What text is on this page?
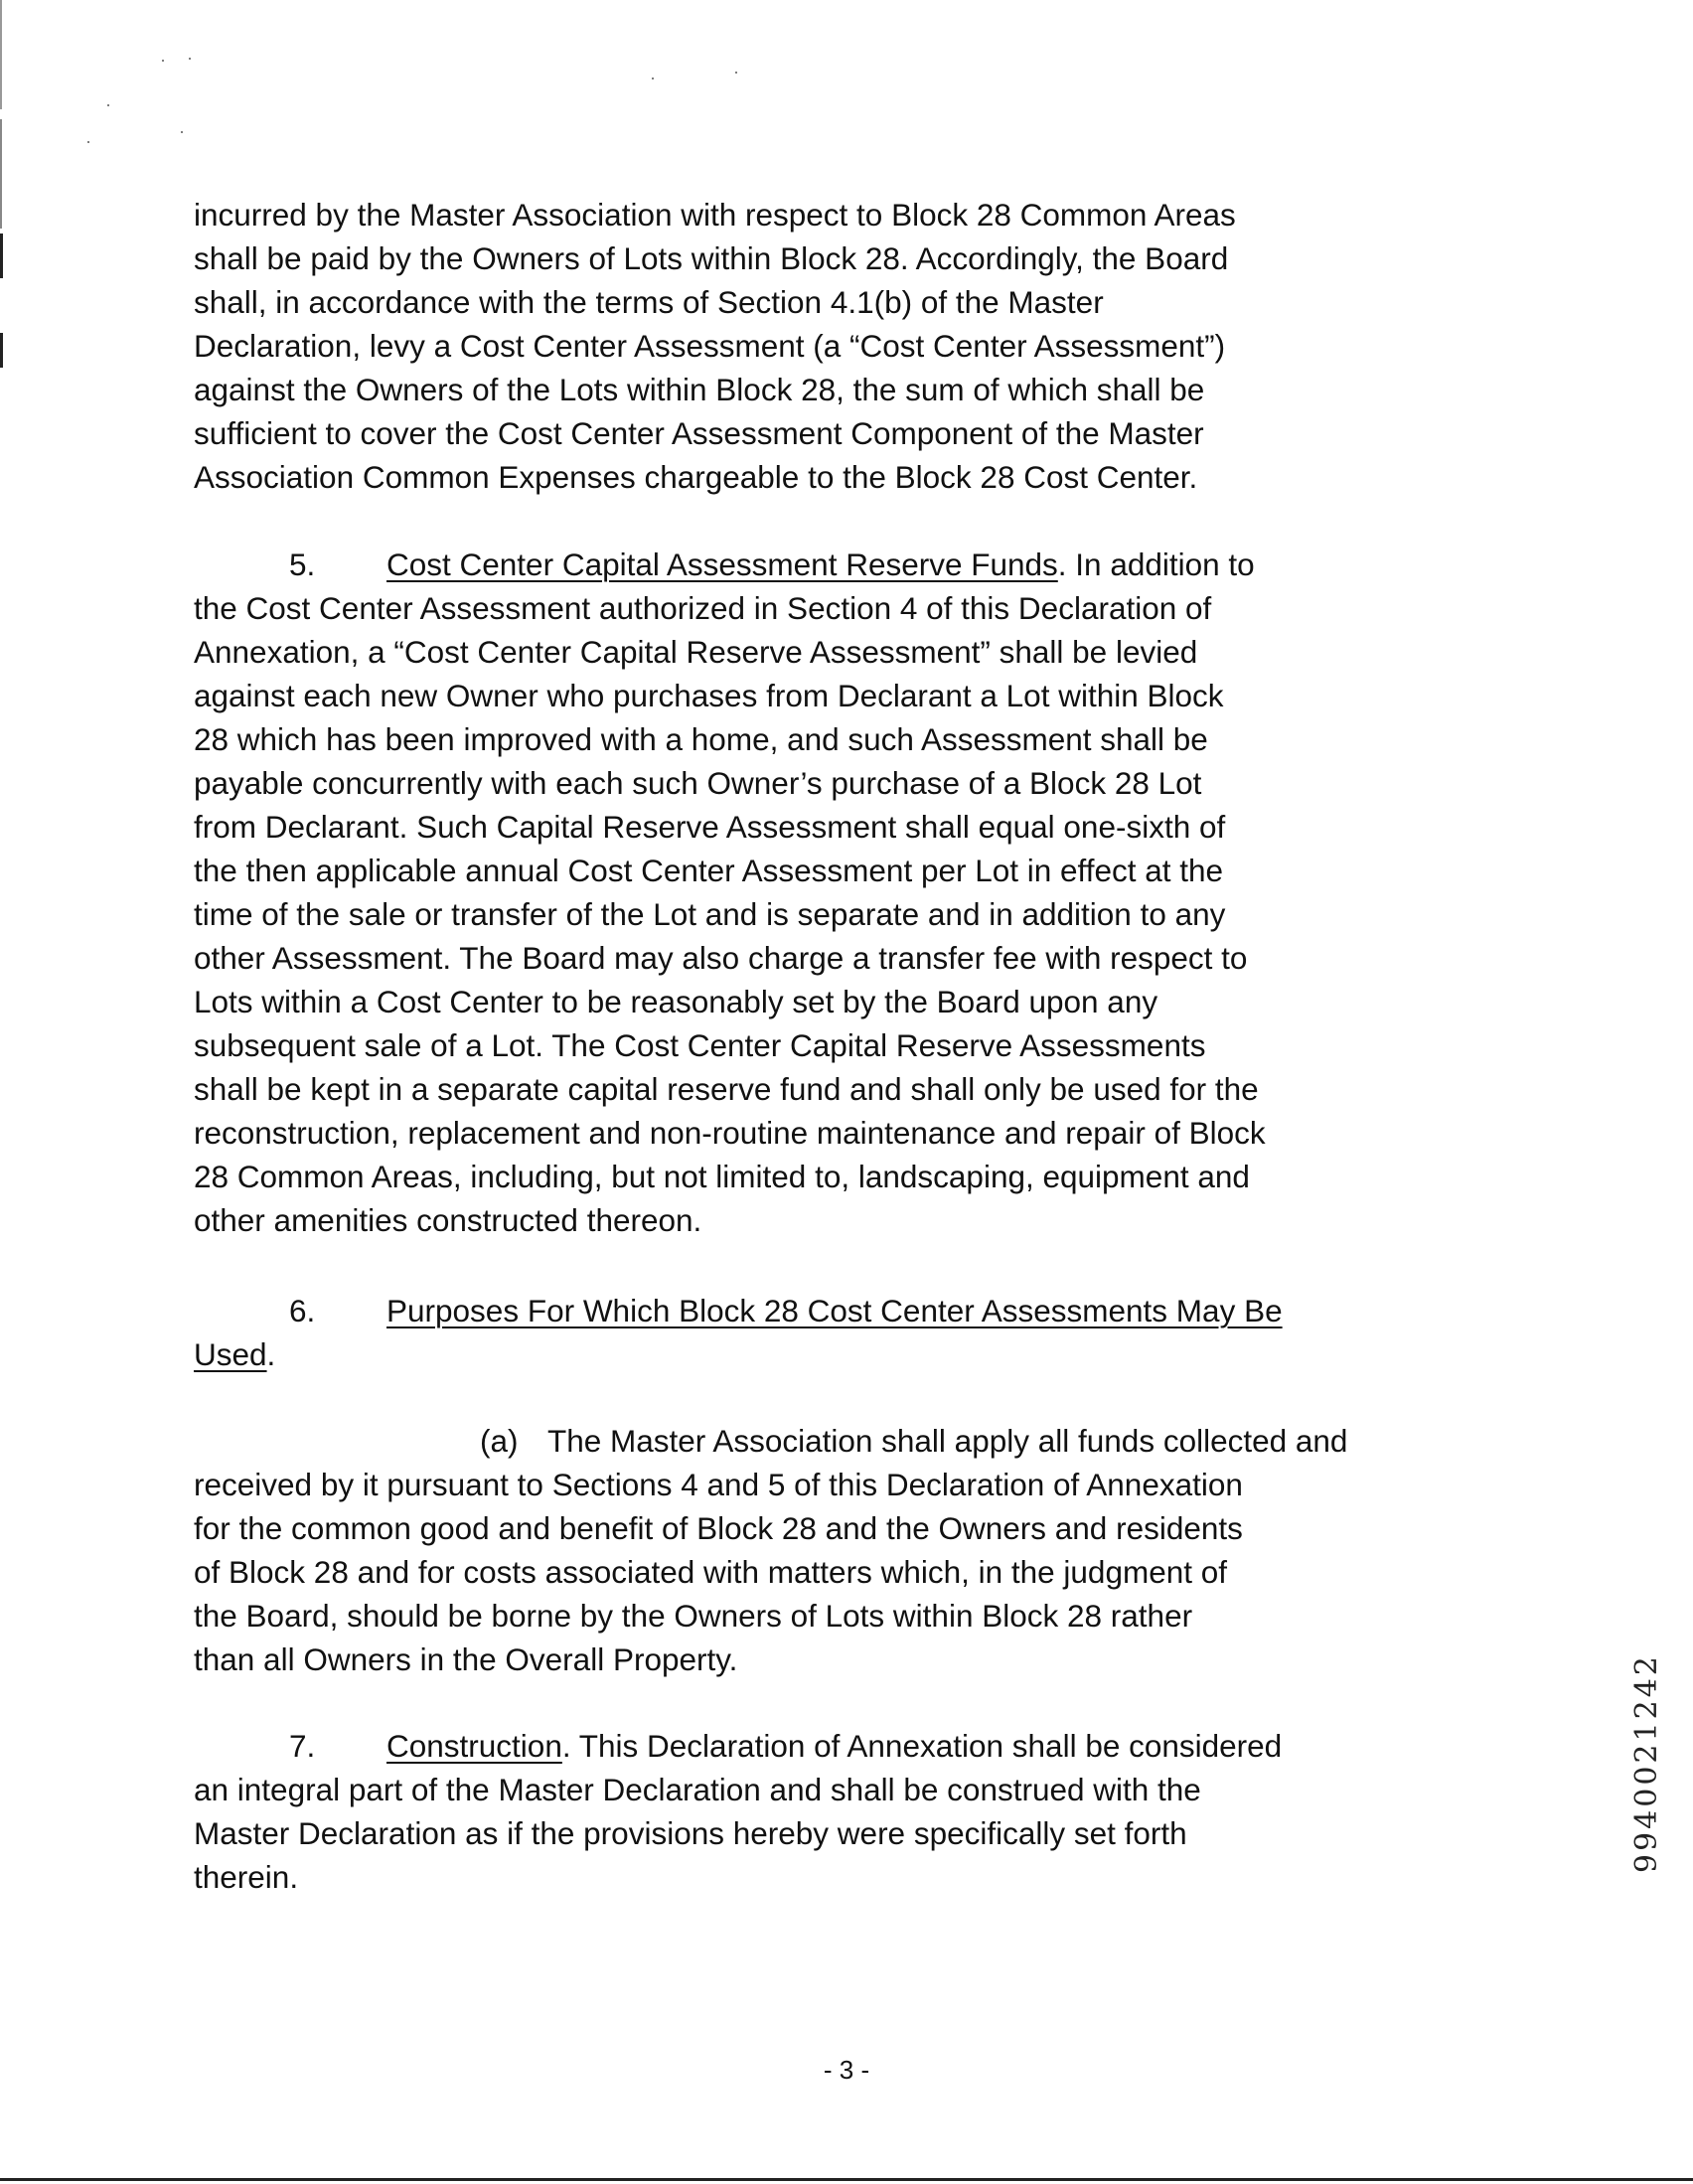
incurred by the Master Association with respect to Block 28 Common Areas
shall be paid by the Owners of Lots within Block 28. Accordingly, the Board
shall, in accordance with the terms of Section 4.1(b) of the Master
Declaration, levy a Cost Center Assessment (a “Cost Center Assessment”)
against the Owners of the Lots within Block 28, the sum of which shall be
sufficient to cover the Cost Center Assessment Component of the Master
Association Common Expenses chargeable to the Block 28 Cost Center.
5. Cost Center Capital Assessment Reserve Funds. In addition to
the Cost Center Assessment authorized in Section 4 of this Declaration of
Annexation, a “Cost Center Capital Reserve Assessment” shall be levied
against each new Owner who purchases from Declarant a Lot within Block
28 which has been improved with a home, and such Assessment shall be
payable concurrently with each such Owner’s purchase of a Block 28 Lot
from Declarant. Such Capital Reserve Assessment shall equal one-sixth of
the then applicable annual Cost Center Assessment per Lot in effect at the
time of the sale or transfer of the Lot and is separate and in addition to any
other Assessment. The Board may also charge a transfer fee with respect to
Lots within a Cost Center to be reasonably set by the Board upon any
subsequent sale of a Lot. The Cost Center Capital Reserve Assessments
shall be kept in a separate capital reserve fund and shall only be used for the
reconstruction, replacement and non-routine maintenance and repair of Block
28 Common Areas, including, but not limited to, landscaping, equipment and
other amenities constructed thereon.
6. Purposes For Which Block 28 Cost Center Assessments May Be
Used.
(a) The Master Association shall apply all funds collected and
received by it pursuant to Sections 4 and 5 of this Declaration of Annexation
for the common good and benefit of Block 28 and the Owners and residents
of Block 28 and for costs associated with matters which, in the judgment of
the Board, should be borne by the Owners of Lots within Block 28 rather
than all Owners in the Overall Property.
7. Construction. This Declaration of Annexation shall be considered
an integral part of the Master Declaration and shall be construed with the
Master Declaration as if the provisions hereby were specifically set forth
therein.
9940021242
- 3 -
